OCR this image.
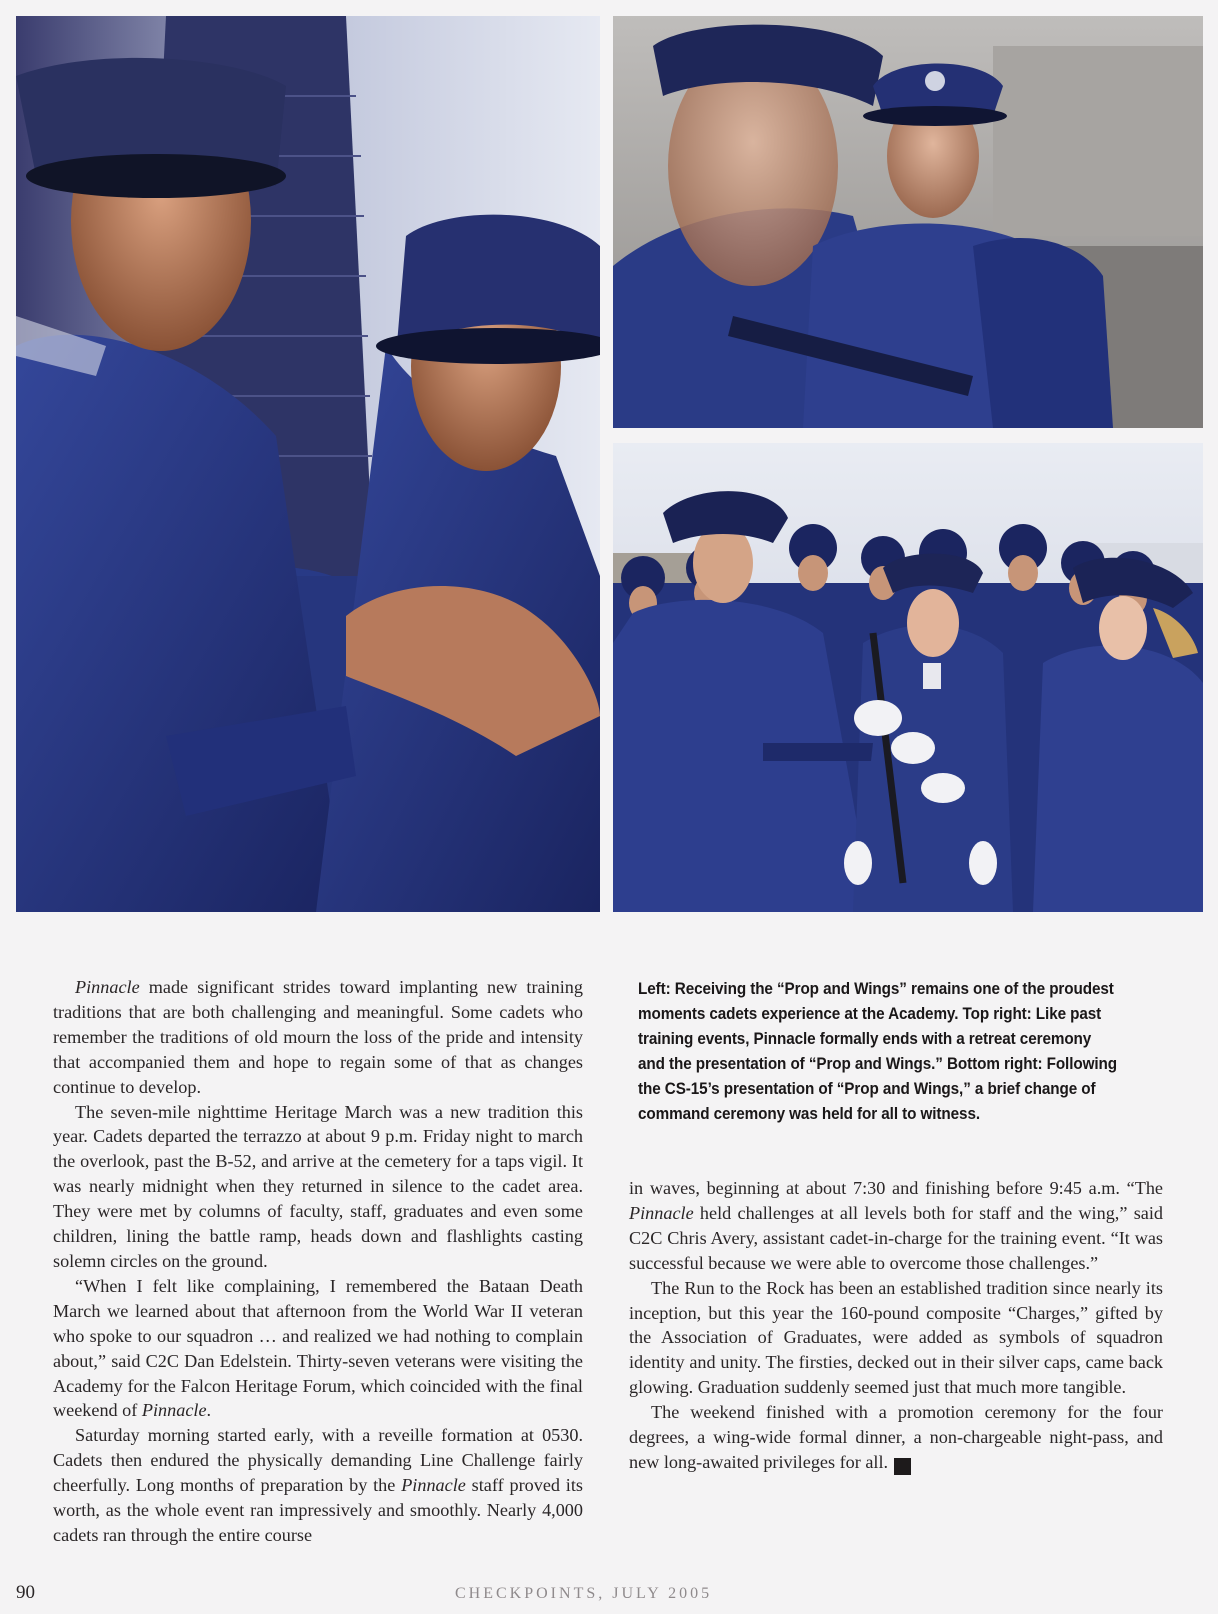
Left: Receiving the “Prop and Wings” remains one of the proudest moments cadets experience at the Academy. Top right: Like past training events, Pinnacle formally ends with a retreat ceremony and the presentation of “Prop and Wings.” Bottom right: Following the CS-15’s presentation of “Prop and Wings,” a brief change of command ceremony was held for all to witness.

Pinnacle made significant strides toward implanting new training traditions that are both challenging and meaningful. Some cadets who remember the traditions of old mourn the loss of the pride and intensity that accompanied them and hope to regain some of that as changes continue to develop.

The seven-mile nighttime Heritage March was a new tradition this year. Cadets departed the terrazzo at about 9 p.m. Friday night to march the overlook, past the B-52, and arrive at the cemetery for a taps vigil. It was nearly midnight when they returned in silence to the cadet area. They were met by columns of faculty, staff, graduates and even some children, lining the battle ramp, heads down and flashlights casting solemn circles on the ground.

“When I felt like complaining, I remembered the Bataan Death March we learned about that afternoon from the World War II veteran who spoke to our squadron … and realized we had nothing to complain about,” said C2C Dan Edelstein. Thirty-seven veterans were visiting the Academy for the Falcon Heritage Forum, which coincided with the final weekend of Pinnacle.

Saturday morning started early, with a reveille formation at 0530. Cadets then endured the physically demanding Line Challenge fairly cheerfully. Long months of preparation by the Pinnacle staff proved its worth, as the whole event ran impressively and smoothly. Nearly 4,000 cadets ran through the entire course

in waves, beginning at about 7:30 and finishing before 9:45 a.m. “The Pinnacle held challenges at all levels both for staff and the wing,” said C2C Chris Avery, assistant cadet-in-charge for the training event. “It was successful because we were able to overcome those challenges.”

The Run to the Rock has been an established tradition since nearly its inception, but this year the 160-pound composite “Charges,” gifted by the Association of Graduates, were added as symbols of squadron identity and unity. The firsties, decked out in their silver caps, came back glowing. Graduation suddenly seemed just that much more tangible.

The weekend finished with a promotion ceremony for the four degrees, a wing-wide formal dinner, a non-chargeable night-pass, and new long-awaited privileges for all. ✓

90	CHECKPOINTS, JULY 2005
